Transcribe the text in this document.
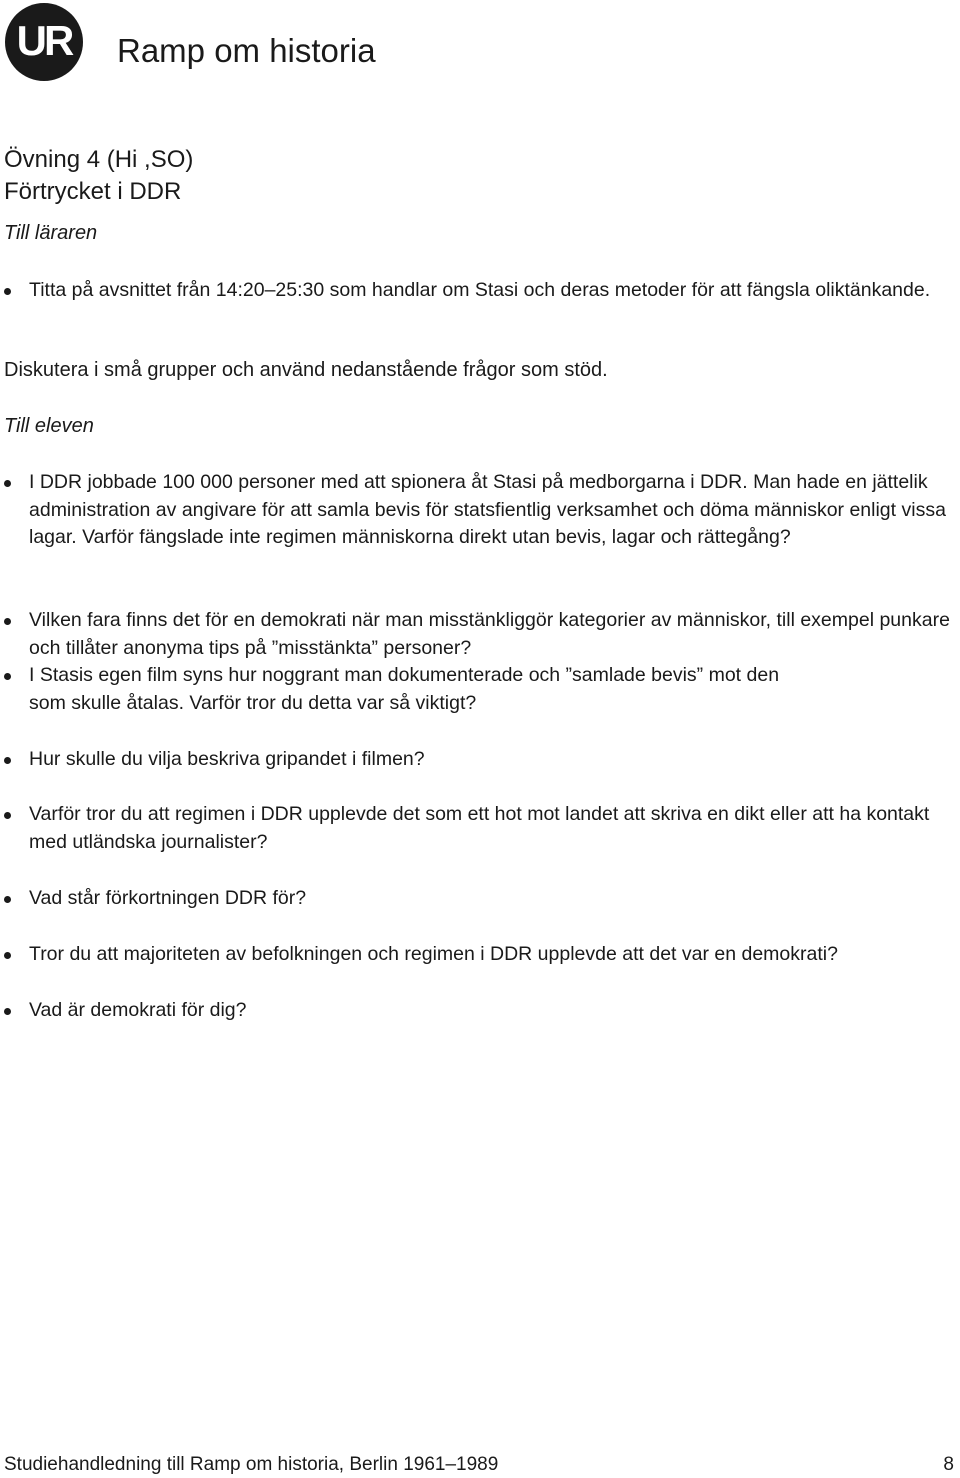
UR	Ramp om historia
Övning 4 (Hi ,SO)
Förtrycket i DDR
Till läraren
Titta på avsnittet från 14:20–25:30 som handlar om Stasi och deras metoder för att fängsla oliktänkande.
Diskutera i små grupper och använd nedanstående frågor som stöd.
Till eleven
I DDR jobbade 100 000 personer med att spionera åt Stasi på medborgarna i DDR. Man hade en jättelik administration av angivare för att samla bevis för statsfientlig verksamhet och döma människor enligt vissa lagar. Varför fängslade inte regimen människorna direkt utan bevis, lagar och rättegång?
Vilken fara finns det för en demokrati när man misstänkliggör kategorier av människor, till exempel punkare och tillåter anonyma tips på ”misstänkta” personer?
I Stasis egen film syns hur noggrant man dokumenterade och ”samlade bevis” mot den som skulle åtalas. Varför tror du detta var så viktigt?
Hur skulle du vilja beskriva gripandet i filmen?
Varför tror du att regimen i DDR upplevde det som ett hot mot landet att skriva en dikt eller att ha kontakt med utländska journalister?
Vad står förkortningen DDR för?
Tror du att majoriteten av befolkningen och regimen i DDR upplevde att det var en demokrati?
Vad är demokrati för dig?
Studiehandledning till Ramp om historia, Berlin 1961–1989	8
